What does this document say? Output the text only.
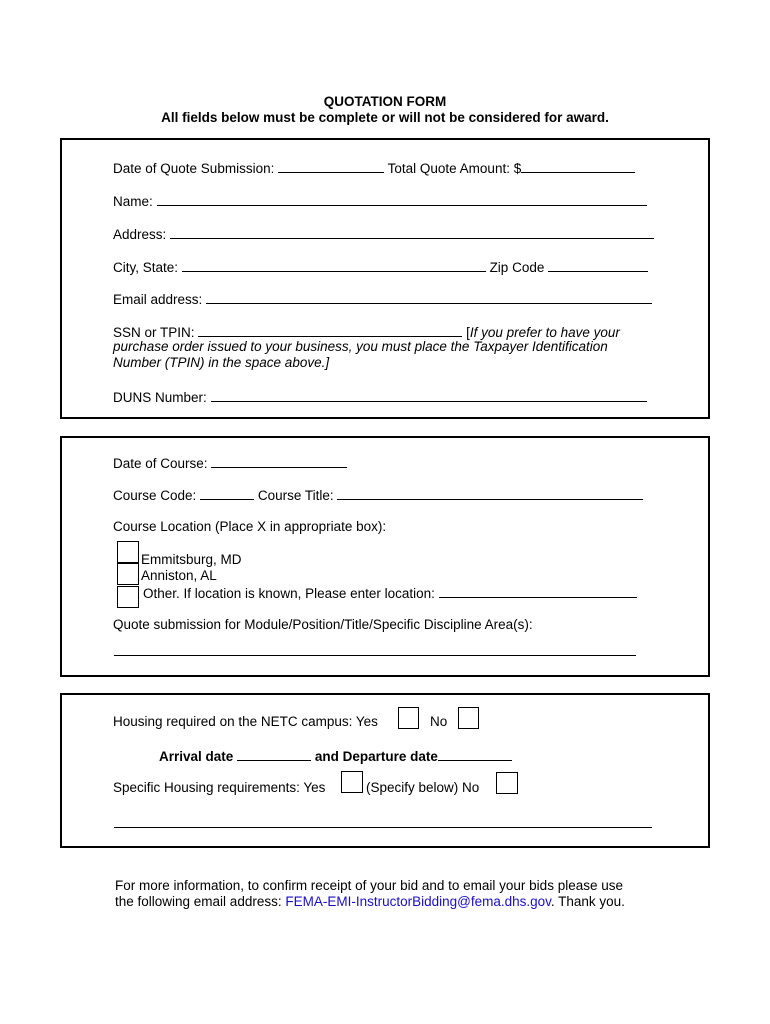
QUOTATION FORM
All fields below must be complete or will not be considered for award.
Date of Quote Submission:	Total Quote Amount: $
Name:
Address:
City, State:	Zip Code
Email address:
SSN or TPIN:	[If you prefer to have your
purchase order issued to your business, you must place the Taxpayer Identification
Number (TPIN) in the space above.]
DUNS Number:
Date of Course:
Course Code:	Course Title:
Course Location (Place X in appropriate box):
Emmitsburg, MD
Anniston, AL
Other. If location is known, Please enter location:
Quote submission for Module/Position/Title/Specific Discipline Area(s):
Housing required on the NETC campus: Yes	No
Arrival date	and Departure date
Specific Housing requirements: Yes	(Specify below) No
For more information, to confirm receipt of your bid and to email your bids please use
the following email address: FEMA-EMI-InstructorBidding@fema.dhs.gov. Thank you.
